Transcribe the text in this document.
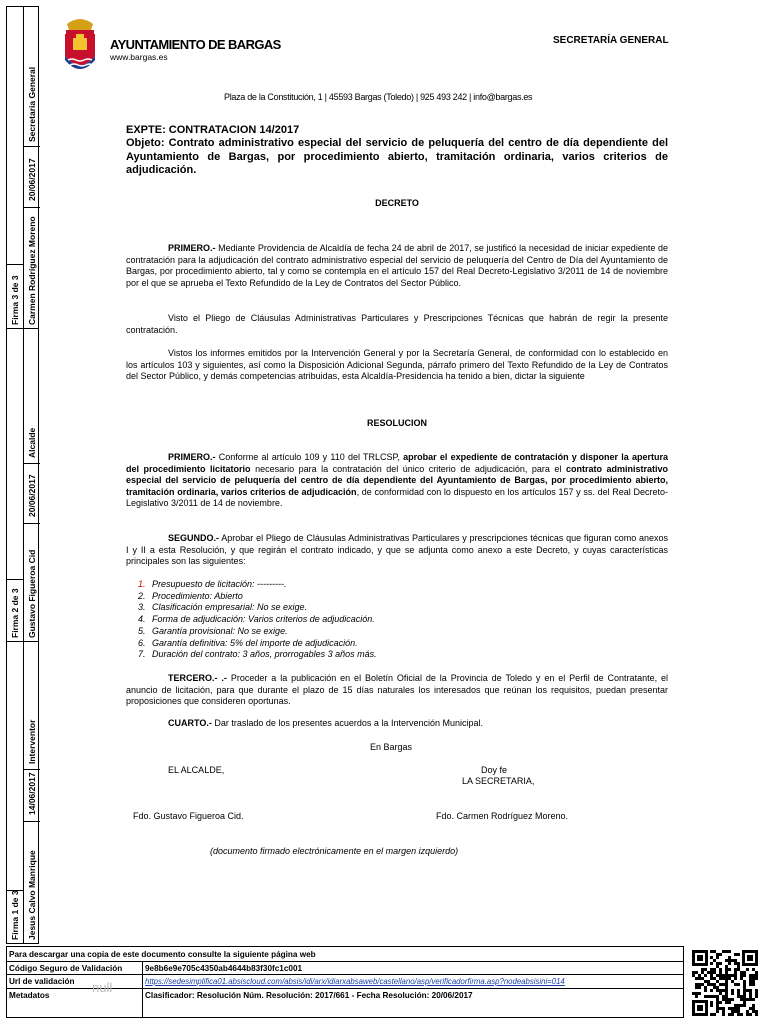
Firma 3 de 3 Carmen Rodríguez Moreno
20/06/2017
Secretaria General
Firma 2 de 3 Gustavo Figueroa Cid
20/06/2017
Alcalde
Firma 1 de 3 Jesus Calvo Manrique
14/06/2017
Interventor
AYUNTAMIENTO DE BARGAS
www.bargas.es
SECRETARÍA GENERAL
Plaza de la Constitución, 1 | 45593 Bargas (Toledo) | 925 493 242 | info@bargas.es
EXPTE: CONTRATACION 14/2017
Objeto: Contrato administrativo especial del servicio de peluquería del centro de día dependiente del Ayuntamiento de Bargas, por procedimiento abierto, tramitación ordinaria, varios criterios de adjudicación.
DECRETO
PRIMERO.- Mediante Providencia de Alcaldía de fecha 24 de abril de 2017, se justificó la necesidad de iniciar expediente de contratación para la adjudicación del contrato administrativo especial del servicio de peluquería del Centro de Día del Ayuntamiento de Bargas, por procedimiento abierto, tal y como se contempla en el artículo 157 del Real Decreto-Legislativo 3/2011 de 14 de noviembre por el que se aprueba el Texto Refundido de la Ley de Contratos del Sector Público.
Visto el Pliego de Cláusulas Administrativas Particulares y Prescripciones Técnicas que habrán de regir la presente contratación.
Vistos los informes emitidos por la Intervención General y por la Secretaría General, de conformidad con lo establecido en los artículos 103 y siguientes, así como la Disposición Adicional Segunda, párrafo primero del Texto Refundido de la Ley de Contratos del Sector Público, y demás competencias atribuidas, esta Alcaldía-Presidencia ha tenido a bien, dictar la siguiente
RESOLUCION
PRIMERO.- Conforme al artículo 109 y 110 del TRLCSP, aprobar el expediente de contratación y disponer la apertura del procedimiento licitatorio necesario para la contratación del único criterio de adjudicación, para el contrato administrativo especial del servicio de peluquería del centro de día dependiente del Ayuntamiento de Bargas, por procedimiento abierto, tramitación ordinaria, varios criterios de adjudicación, de conformidad con lo dispuesto en los artículos 157 y ss. del Real Decreto-Legislativo 3/2011 de 14 de noviembre.
SEGUNDO.- Aprobar el Pliego de Cláusulas Administrativas Particulares y prescripciones técnicas que figuran como anexos I y II a esta Resolución, y que regirán el contrato indicado, y que se adjunta como anexo a este Decreto, y cuyas características principales son las siguientes:
1. Presupuesto de licitación: ---------.
2. Procedimiento: Abierto
3. Clasificación empresarial: No se exige.
4. Forma de adjudicación: Varios criterios de adjudicación.
5. Garantía provisional: No se exige.
6. Garantía definitiva: 5% del importe de adjudicación.
7. Duración del contrato: 3 años, prorrogables 3 años más.
TERCERO.- .- Proceder a la publicación en el Boletín Oficial de la Provincia de Toledo y en el Perfil de Contratante, el anuncio de licitación, para que durante el plazo de 15 días naturales los interesados que reúnan los requisitos, puedan presentar proposiciones que consideren oportunas.
CUARTO.- Dar traslado de los presentes acuerdos a la Intervención Municipal.
En Bargas
EL ALCALDE,	Doy fe
LA SECRETARIA,
Fdo. Gustavo Figueroa Cid.	Fdo. Carmen Rodríguez Moreno.
(documento firmado electrónicamente en el margen izquierdo)
Para descargar una copia de este documento consulte la siguiente página web
Código Seguro de Validación	9e8b6e9e705c4350ab4644b83f30fc1c001
Url de validación	https://sedesimplifica01.absiscloud.com/absis/idi/arx/idiarxabsaweb/castellano/asp/verificadorfirma.asp?nodeabsisini=014
Metadatos	Clasificador: Resolución Núm. Resolución: 2017/661 - Fecha Resolución: 20/06/2017
null
